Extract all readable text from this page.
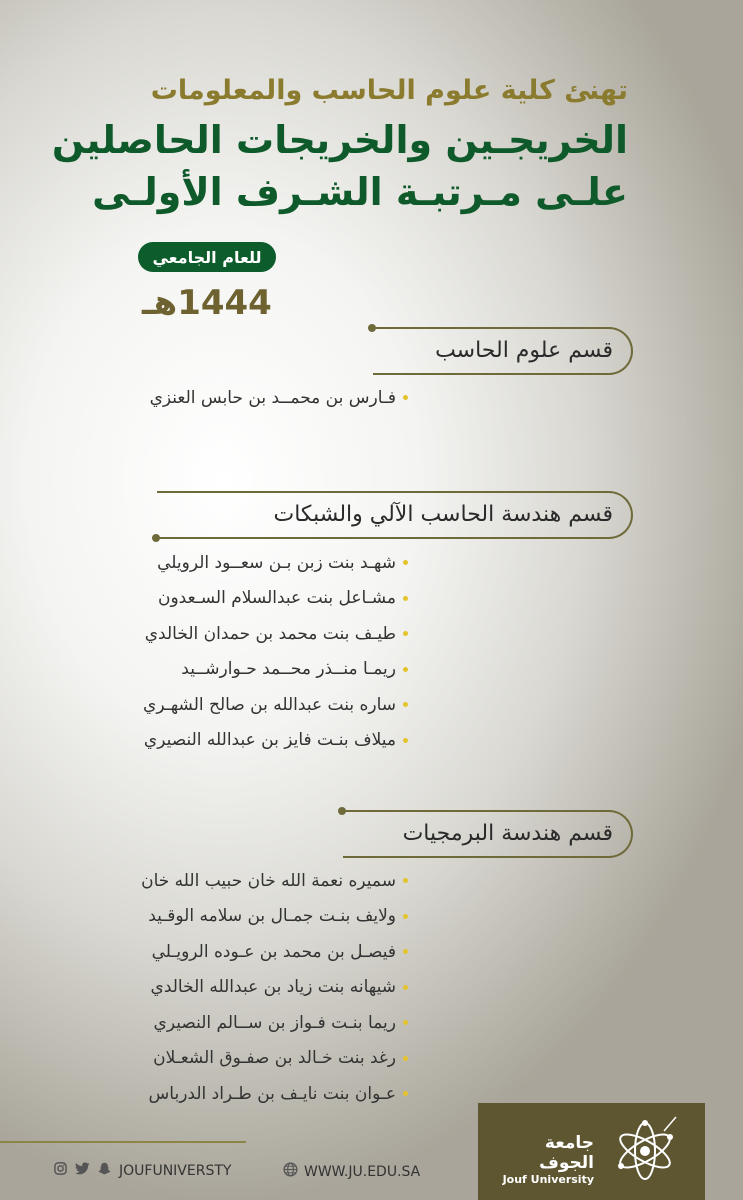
تهنئ كلية علوم الحاسب والمعلومات
الخريجـين والخريجات الحاصلين
علـى مـرتبـة الشـرف الأولـى
للعام الجامعي
1444هـ

قسم علوم الحاسب

فـارس بن محمــد بن حابس العنزي

قسم هندسة الحاسب الآلي والشبكات

شهـد بنت زبن بـن سعــود الرويلي
مشـاعل بنت عبدالسلام السـعدون
طيـف بنت محمد بن حمدان الخالدي
ريمـا منــذر محــمد حـوارشــيد
ساره بنت عبدالله بن صالح الشهـري
ميلاف بنـت فايز بن عبدالله النصيري

قسم هندسة البرمجيات

سميره نعمة الله خان حبيب الله خان
ولايف بنـت جمـال بن سلامه الوقـيد
فيصـل بن محمد بن عـوده الرويـلي
شيهانه بنت زياد بن عبدالله الخالدي
ريما بنـت فـواز بن ســالم النصيري
رغد بنت خـالد بن صفـوق الشعـلان
عـوان بنت نايـف بن طـراد الدرباس
JOUFUNIVERSTY	WWW.JU.EDU.SA
جامعة الجوف
Jouf University
